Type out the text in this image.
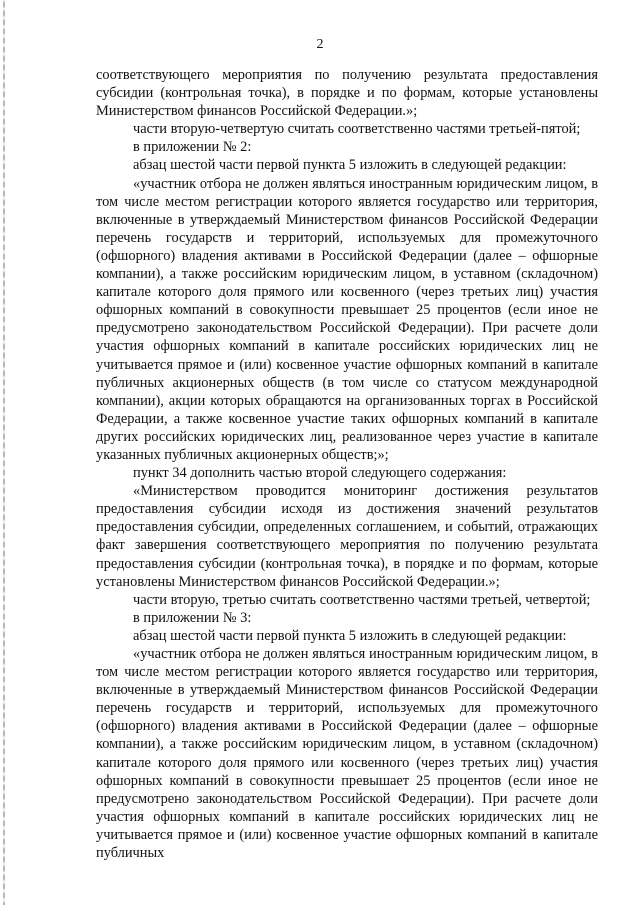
2

соответствующего мероприятия по получению результата предоставления субсидии (контрольная точка), в порядке и по формам, которые установлены Министерством финансов Российской Федерации.»;

части вторую-четвертую считать соответственно частями третьей-пятой;

в приложении № 2:

абзац шестой части первой пункта 5 изложить в следующей редакции:

«участник отбора не должен являться иностранным юридическим лицом, в том числе местом регистрации которого является государство или территория, включенные в утверждаемый Министерством финансов Российской Федерации перечень государств и территорий, используемых для промежуточного (офшорного) владения активами в Российской Федерации (далее – офшорные компании), а также российским юридическим лицом, в уставном (складочном) капитале которого доля прямого или косвенного (через третьих лиц) участия офшорных компаний в совокупности превышает 25 процентов (если иное не предусмотрено законодательством Российской Федерации). При расчете доли участия офшорных компаний в капитале российских юридических лиц не учитывается прямое и (или) косвенное участие офшорных компаний в капитале публичных акционерных обществ (в том числе со статусом международной компании), акции которых обращаются на организованных торгах в Российской Федерации, а также косвенное участие таких офшорных компаний в капитале других российских юридических лиц, реализованное через участие в капитале указанных публичных акционерных обществ;»;

пункт 34 дополнить частью второй следующего содержания:

«Министерством проводится мониторинг достижения результатов предоставления субсидии исходя из достижения значений результатов предоставления субсидии, определенных соглашением, и событий, отражающих факт завершения соответствующего мероприятия по получению результата предоставления субсидии (контрольная точка), в порядке и по формам, которые установлены Министерством финансов Российской Федерации.»;

части вторую, третью считать соответственно частями третьей, четвертой;

в приложении № 3:

абзац шестой части первой пункта 5 изложить в следующей редакции:

«участник отбора не должен являться иностранным юридическим лицом, в том числе местом регистрации которого является государство или территория, включенные в утверждаемый Министерством финансов Российской Федерации перечень государств и территорий, используемых для промежуточного (офшорного) владения активами в Российской Федерации (далее – офшорные компании), а также российским юридическим лицом, в уставном (складочном) капитале которого доля прямого или косвенного (через третьих лиц) участия офшорных компаний в совокупности превышает 25 процентов (если иное не предусмотрено законодательством Российской Федерации). При расчете доли участия офшорных компаний в капитале российских юридических лиц не учитывается прямое и (или) косвенное участие офшорных компаний в капитале публичных
